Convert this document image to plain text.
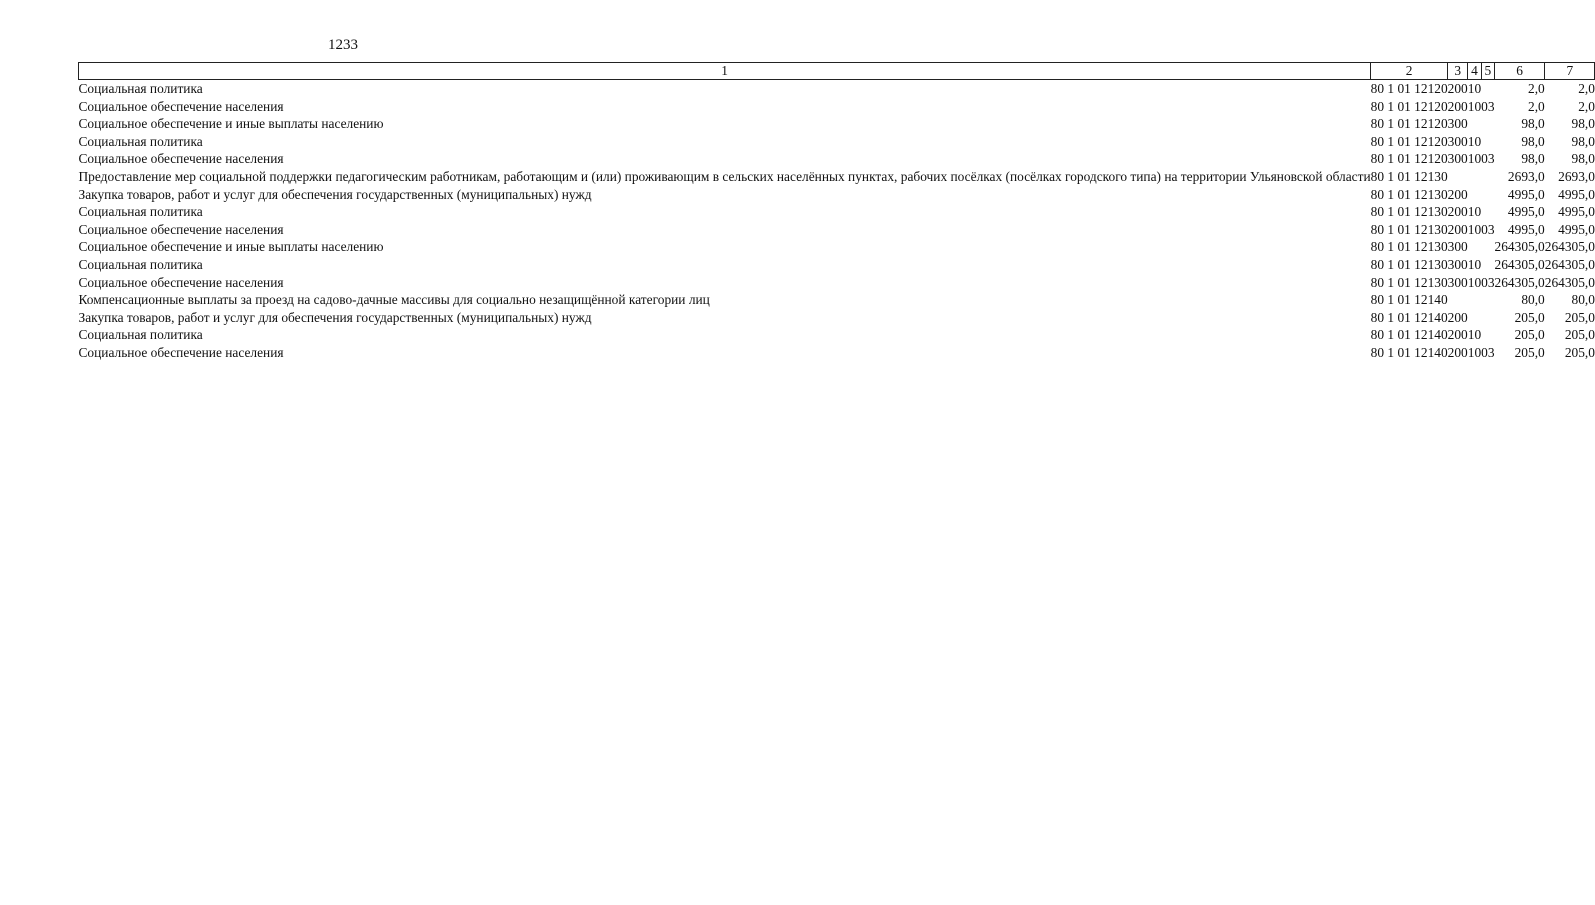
1233
1	2	3	4	5	6	7
Социальная политика	80 1 01 12120	200	10		2,0	2,0
Социальное обеспечение населения	80 1 01 12120	200	10	03	2,0	2,0
Социальное обеспечение и иные выплаты населению	80 1 01 12120	300			98,0	98,0
Социальная политика	80 1 01 12120	300	10		98,0	98,0
Социальное обеспечение населения	80 1 01 12120	300	10	03	98,0	98,0
Предоставление мер социальной поддержки педагогическим работникам, работающим и (или) проживающим в сельских населённых пунктах, рабочих посёлках (посёлках городского типа) на территории Ульяновской области	80 1 01 12130				2693,0	2693,0
Закупка товаров, работ и услуг для обеспечения государственных (муниципальных) нужд	80 1 01 12130	200			4995,0	4995,0
Социальная политика	80 1 01 12130	200	10		4995,0	4995,0
Социальное обеспечение населения	80 1 01 12130	200	10	03	4995,0	4995,0
Социальное обеспечение и иные выплаты населению	80 1 01 12130	300			264305,0	264305,0
Социальная политика	80 1 01 12130	300	10		264305,0	264305,0
Социальное обеспечение населения	80 1 01 12130	300	10	03	264305,0	264305,0
Компенсационные выплаты за проезд на садово-дачные массивы для социально незащищённой категории лиц	80 1 01 12140				80,0	80,0
Закупка товаров, работ и услуг для обеспечения государственных (муниципальных) нужд	80 1 01 12140	200			205,0	205,0
Социальная политика	80 1 01 12140	200	10		205,0	205,0
Социальное обеспечение населения	80 1 01 12140	200	10	03	205,0	205,0
